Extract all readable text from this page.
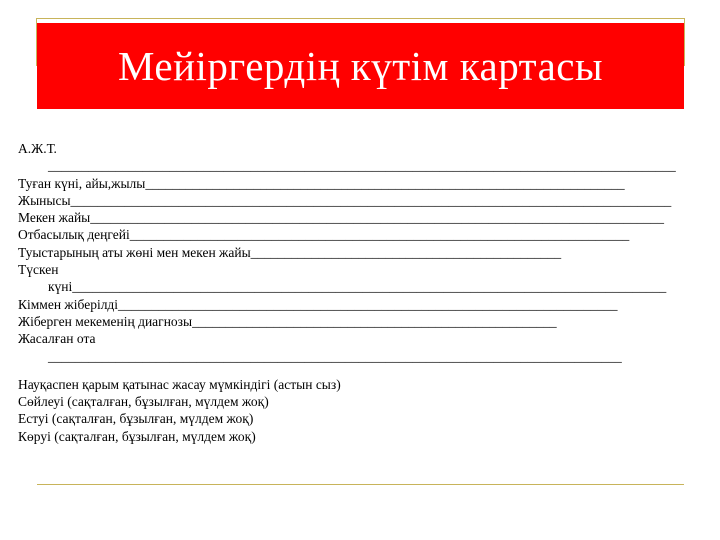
Мейіргердің күтім картасы
А.Ж.Т.
_____________________________________________________________________________________________
Туған күні, айы,жылы_______________________________________________________________________
Жынысы_________________________________________________________________________________________
Мекен жайы_____________________________________________________________________________________
Отбасылық деңгейі__________________________________________________________________________
Туыстарының аты жөні мен мекен жайы______________________________________________
Түскен
күні________________________________________________________________________________________
Кіммен жіберілді__________________________________________________________________________
Жіберген мекеменің диагнозы______________________________________________________
Жасалған ота
_____________________________________________________________________________________
Науқаспен қарым қатынас жасау мүмкіндігі (астын сыз)
Сөйлеуі (сақталған, бұзылған, мүлдем жоқ)
Естуі (сақталған, бұзылған, мүлдем жоқ)
Көруі (сақталған, бұзылған, мүлдем жоқ)
